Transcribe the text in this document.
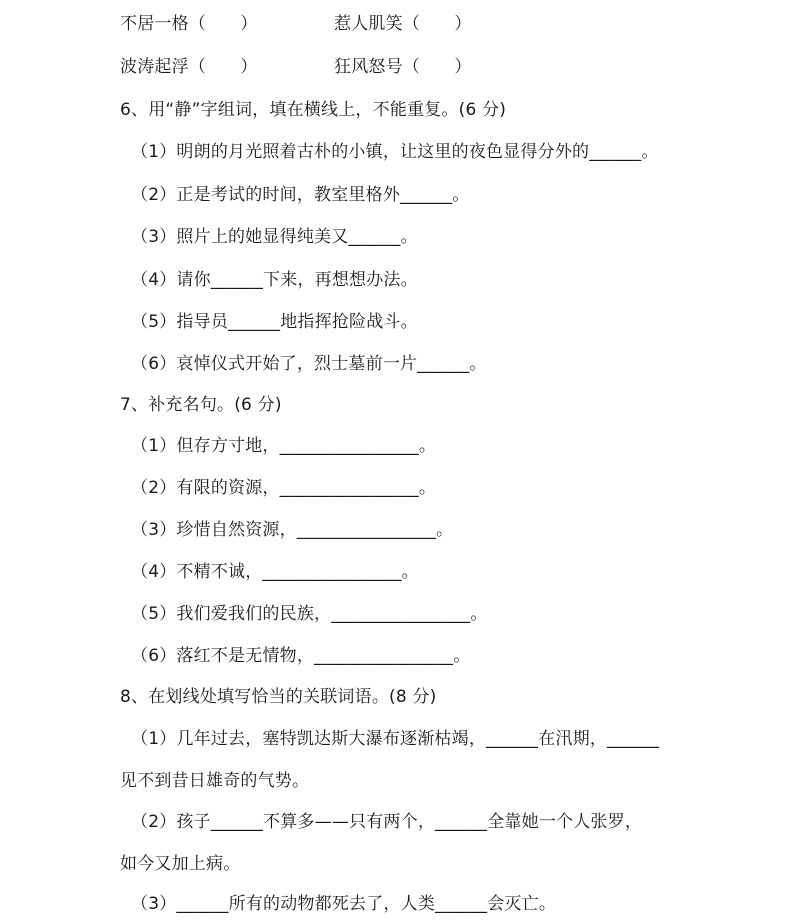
不居一格（　　）	惹人肌笑（　　）
波涛起浮（　　）	狂风怒号（　　）
6、用“静”字组词，填在横线上，不能重复。(6 分)
（1）明朗的月光照着古朴的小镇，让这里的夜色显得分外的______。
（2）正是考试的时间，教室里格外______。
（3）照片上的她显得纯美又______。
（4）请你______下来，再想想办法。
（5）指导员______地指挥抢险战斗。
（6）哀悼仪式开始了，烈士墓前一片______。
7、补充名句。(6 分)
（1）但存方寸地，________________。
（2）有限的资源，________________。
（3）珍惜自然资源，________________。
（4）不精不诚，________________。
（5）我们爱我们的民族，________________。
（6）落红不是无情物，________________。
8、在划线处填写恰当的关联词语。(8 分)
（1）几年过去，塞特凯达斯大瀑布逐渐枯竭，______在汛期，______
见不到昔日雄奇的气势。
（2）孩子______不算多——只有两个，______全靠她一个人张罗，
如今又加上病。
（3）______所有的动物都死去了，人类______会灭亡。
